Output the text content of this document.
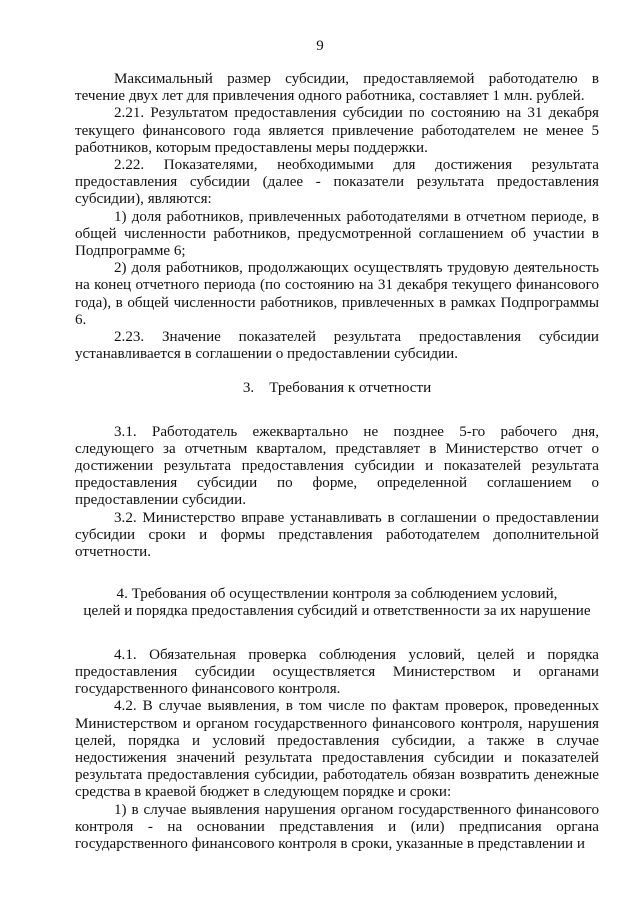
9

Максимальный размер субсидии, предоставляемой работодателю в течение двух лет для привлечения одного работника, составляет 1 млн. рублей.

2.21. Результатом предоставления субсидии по состоянию на 31 декабря текущего финансового года является привлечение работодателем не менее 5 работников, которым предоставлены меры поддержки.

2.22. Показателями, необходимыми для достижения результата предоставления субсидии (далее - показатели результата предоставления субсидии), являются:

1) доля работников, привлеченных работодателями в отчетном периоде, в общей численности работников, предусмотренной соглашением об участии в Подпрограмме 6;

2) доля работников, продолжающих осуществлять трудовую деятельность на конец отчетного периода (по состоянию на 31 декабря текущего финансового года), в общей численности работников, привлеченных в рамках Подпрограммы 6.

2.23. Значение показателей результата предоставления субсидии устанавливается в соглашении о предоставлении субсидии.

3.    Требования к отчетности

3.1. Работодатель ежеквартально не позднее 5-го рабочего дня, следующего за отчетным кварталом, представляет в Министерство отчет о достижении результата предоставления субсидии и показателей результата предоставления субсидии по форме, определенной соглашением о предоставлении субсидии.

3.2. Министерство вправе устанавливать в соглашении о предоставлении субсидии сроки и формы представления работодателем дополнительной отчетности.

4. Требования об осуществлении контроля за соблюдением условий,
целей и порядка предоставления субсидий и ответственности за их нарушение

4.1. Обязательная проверка соблюдения условий, целей и порядка предоставления субсидии осуществляется Министерством и органами государственного финансового контроля.

4.2. В случае выявления, в том числе по фактам проверок, проведенных Министерством и органом государственного финансового контроля, нарушения целей, порядка и условий предоставления субсидии, а также в случае недостижения значений результата предоставления субсидии и показателей результата предоставления субсидии, работодатель обязан возвратить денежные средства в краевой бюджет в следующем порядке и сроки:

1) в случае выявления нарушения органом государственного финансового контроля - на основании представления и (или) предписания органа государственного финансового контроля в сроки, указанные в представлении и
